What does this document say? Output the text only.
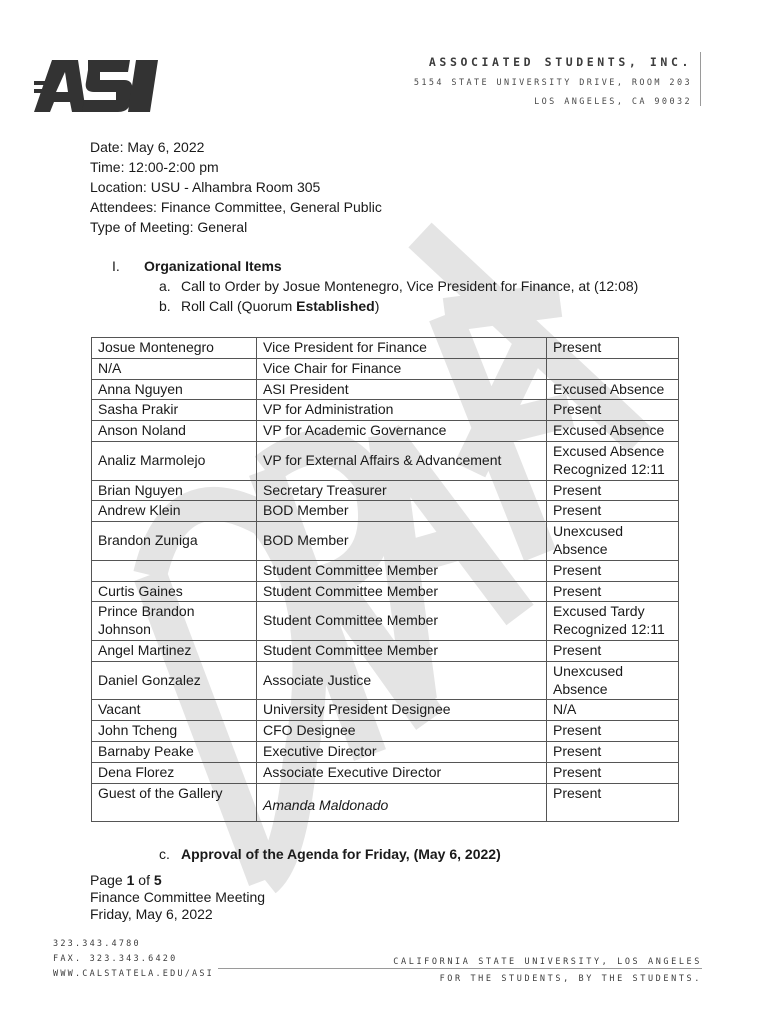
ASI
ASSOCIATED STUDENTS, INC.
5154 STATE UNIVERSITY DRIVE, ROOM 203
LOS ANGELES, CA 90032
Date: May 6, 2022
Time: 12:00-2:00 pm
Location: USU - Alhambra Room 305
Attendees: Finance Committee, General Public
Type of Meeting: General
I. Organizational Items
a. Call to Order by Josue Montenegro, Vice President for Finance, at (12:08)
b. Roll Call (Quorum Established)
Josue Montenegro	Vice President for Finance	Present
N/A	Vice Chair for Finance	
Anna Nguyen	ASI President	Excused Absence
Sasha Prakir	VP for Administration	Present
Anson Noland	VP for Academic Governance	Excused Absence
Analiz Marmolejo	VP for External Affairs & Advancement	Excused Absence Recognized 12:11
Brian Nguyen	Secretary Treasurer	Present
Andrew Klein	BOD Member	Present
Brandon Zuniga	BOD Member	Unexcused Absence
	Student Committee Member	Present
Curtis Gaines	Student Committee Member	Present
Prince Brandon Johnson	Student Committee Member	Excused Tardy Recognized 12:11
Angel Martinez	Student Committee Member	Present
Daniel Gonzalez	Associate Justice	Unexcused Absence
Vacant	University President Designee	N/A
John Tcheng	CFO Designee	Present
Barnaby Peake	Executive Director	Present
Dena Florez	Associate Executive Director	Present
Guest of the Gallery	Amanda Maldonado	Present
c. Approval of the Agenda for Friday, (May 6, 2022)
Page 1 of 5
Finance Committee Meeting
Friday, May 6, 2022
323.343.4780
FAX. 323.343.6420
WWW.CALSTATELA.EDU/ASI
CALIFORNIA STATE UNIVERSITY, LOS ANGELES
FOR THE STUDENTS, BY THE STUDENTS.
